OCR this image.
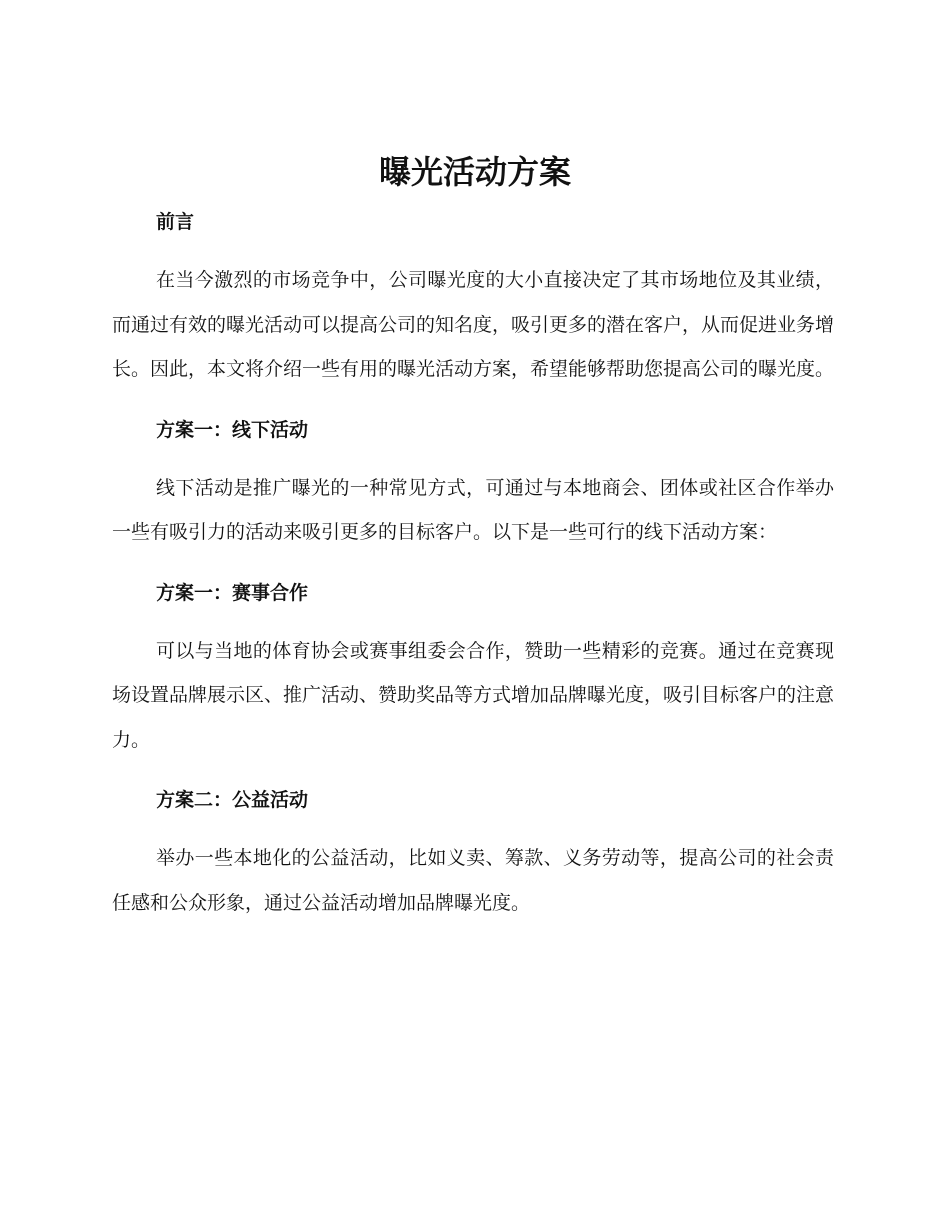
曝光活动方案

前言

在当今激烈的市场竞争中，公司曝光度的大小直接决定了其市场地位及其业绩，而通过有效的曝光活动可以提高公司的知名度，吸引更多的潜在客户，从而促进业务增长。因此，本文将介绍一些有用的曝光活动方案，希望能够帮助您提高公司的曝光度。

方案一：线下活动

线下活动是推广曝光的一种常见方式，可通过与本地商会、团体或社区合作举办一些有吸引力的活动来吸引更多的目标客户。以下是一些可行的线下活动方案：

方案一：赛事合作

可以与当地的体育协会或赛事组委会合作，赞助一些精彩的竞赛。通过在竞赛现场设置品牌展示区、推广活动、赞助奖品等方式增加品牌曝光度，吸引目标客户的注意力。

方案二：公益活动

举办一些本地化的公益活动，比如义卖、筹款、义务劳动等，提高公司的社会责任感和公众形象，通过公益活动增加品牌曝光度。
